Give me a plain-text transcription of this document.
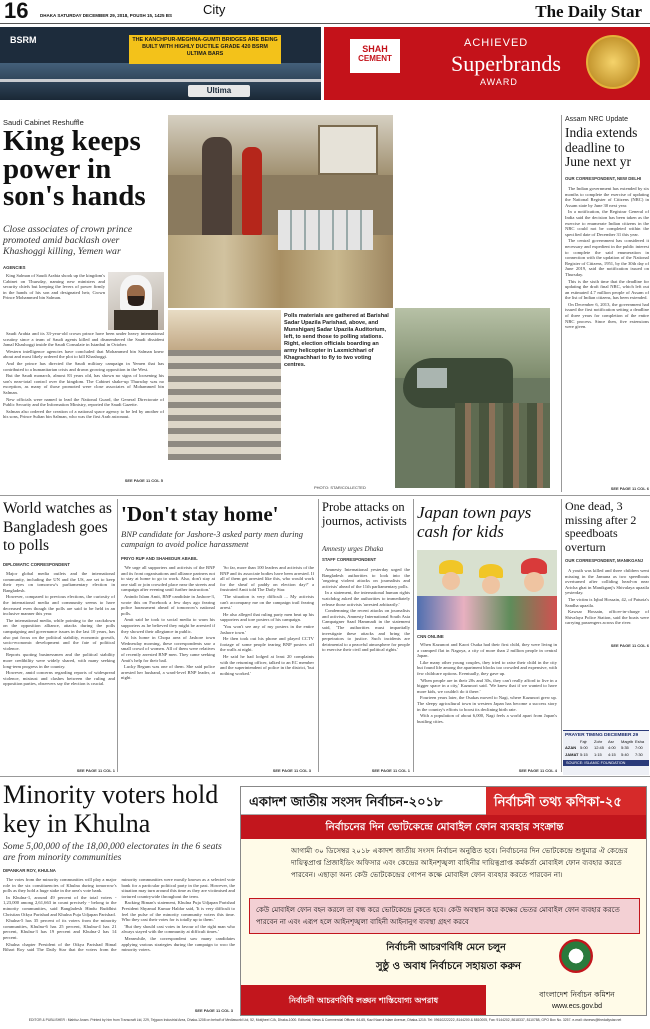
16	DHAKA SATURDAY DECEMBER 29, 2018, POUSH 15, 1425 BS City	The Daily Star
BSRM	THE KANCHPUR-MEGHNA-GUMTI BRIDGES ARE BEING BUILT WITH HIGHLY DUCTILE GRADE 420 BSRM ULTIMA BARS
Ultima
SHAH
CEMENT
ACHIEVED
Superbrands
AWARD
Saudi Cabinet Reshuffle
King keeps power in son's hands
Close associates of crown prince promoted amid backlash over Khashoggi killing, Yemen war
AGENCIES

King Salman of Saudi Arabia shook up the kingdom's Cabinet on Thursday, naming new ministers and security chiefs but keeping the levers of power firmly in the hands of his son and designated heir, Crown Prince Mohammed bin Salman.

Saudi Arabia and its 33-year-old crown prince have been under heavy international scrutiny since a team of Saudi agents killed and dismembered the Saudi dissident Jamal Khashoggi inside the Saudi Consulate in Istanbul in October.

Western intelligence agencies have concluded that Mohammed bin Salman knew about and most likely ordered the plot to kill Khashoggi.

And the prince has directed the Saudi military campaign in Yemen that has contributed to a humanitarian crisis and drawn growing opposition in the West.

But the Saudi monarch, almost 83 years old, has shown no signs of loosening his son's near-total control over the kingdom. The Cabinet shake-up Thursday was no exception, as many of those promoted were close associates of Mohammed bin Salman.

New officials were named to lead the National Guard, the General Directorate of Public Security and the Information Ministry, reported the Saudi Gazette.

Salman also ordered the creation of a national space agency to be led by another of his sons, Prince Sultan bin Salman, who was the first Arab astronaut.

SEE PAGE 11 COL 5
Polls materials are gathered at Barishal Sadar Upazila Parishad, above, and Munshiganj Sadar Upazila Auditorium, left, to send those to polling stations. Right, election officials boarding an army helicopter in Laxmichhari of Khagrachhari to fly to two voting centres.
PHOTO: STAR/COLLECTED
Assam NRC Update
India extends deadline to June next yr
OUR CORRESPONDENT, NEW DELHI

The Indian government has extended by six months to complete the exercise of updating the National Register of Citizens (NRC) in Assam state by June 30 next year.

In a notification, the Registrar General of India said the decision has been taken as the exercise to enumerate Indian citizens in the NRC could not be completed within the specified date of December 31 this year.

The central government has considered it necessary and expedient in the public interest to complete the said enumeration in connection with the updation of the National Register of Citizens, 1951, by the 30th day of June 2019, said the notification issued on Thursday.

This is the sixth time that the deadline for updating the draft final NRC, which left out an estimated 4.7 million people of Assam of the list of Indian citizens, has been extended.

On December 6, 2013, the government had issued the first notification setting a deadline of three years for completion of the entire NRC process. Since then, five extensions were given.

SEE PAGE 11 COL 6
World watches as Bangladesh goes to polls
DIPLOMATIC CORRESPONDENT

Major global media outlets and the international community, including the UN and the US, are set to keep their eyes on tomorrow's parliamentary election in Bangladesh.

However, compared to previous elections, the curiosity of the international media and community seems to have decreased even though the polls are said to be held in an inclusive manner this year.

The international media, while pointing to the crackdown on the opposition alliance, attacks during the polls campaigning and governance issues in the last 10 years, has also put focus on the political stability, economic growth, socio-economic development and the fate of political violence.

Reports quoting businessmen and the political stability more credibility were widely shared, with many seeking long-term progress in the country.

However, amid concerns regarding reports of widespread violence, mistrust and clashes between the ruling and opposition parties, observers say the election is crucial.

SEE PAGE 11 COL 1
'Don't stay home'
BNP candidate for Jashore-3 asked party men during campaign to avoid police harassment
PRIYO RUP AND SHAHEDUR ABABIL

'We urge all supporters and activists of the BNP and its front organisations and alliance partners not to stay at home to go to work. Also, don't stay at one stall or join crowded place near the streets and campaign after evening until further instruction.'

Anindo Islam Amit, BNP candidate in Jashore-3, wrote this on Facebook a few days ago fearing police harassment ahead of tomorrow's national polls.

Amit said he took to social media to warn his supporters as he believed they might be arrested if they showed their allegiance in public.

At his home in Chopa area of Jashore town Wednesday morning, these correspondents saw a small crowd of women. All of them were relatives of recently arrested BNP men. They came seeking Amit's help for their bail.

Lucky Begum was one of them. She said police arrested her husband, a ward-level BNP leader, at night.

'So far, more than 100 leaders and activists of the BNP and its associate bodies have been arrested. If all of them get arrested like this, who would work for the sheaf of paddy on election day?' a frustrated Amit told The Daily Star.

'The situation is very difficult ... My activists can't accompany me on the campaign trail fearing arrest.'

He also alleged that ruling party men beat up his supporters and tore posters of his campaign.

'You won't see any of my posters in the entire Jashore town.'

He then took out his phone and played CCTV footage of some people tearing BNP posters off the walls at night.

He said he had lodged at least 20 complaints with the returning officer, talked to an EC member and the superintendent of police in the district, 'but nothing worked.'

SEE PAGE 11 COL 3
Probe attacks on journos, activists
Amnesty urges Dhaka
STAFF CORRESPONDENT

Amnesty International yesterday urged the Bangladesh authorities to look into the 'ongoing violent attacks on journalists and activists' ahead of the 11th parliamentary polls.

In a statement, the international human rights watchdog asked the authorities to immediately release those activists 'arrested arbitrarily.'

Condemning the recent attacks on journalists and activists, Amnesty International South Asia Campaigner Saad Hammadi in the statement said, 'The authorities must impartially investigate these attacks and bring the perpetrators to justice. Such incidents are detrimental to a peaceful atmosphere for people to exercise their civil and political rights.'

SEE PAGE 11 COL 1
Japan town pays cash for kids
CNN ONLINE

When Kazunori and Kaori Osaka had their first child, they were living in a cramped flat in Nagoya, a city of more than 2 million people in central Japan.

Like many other young couples, they tried to raise their child in the city but found life among the apartment blocks too crowded and expensive, with few childcare options. Eventually, they gave up.

'When people are in their 20s and 30s, they can't really afford to live in a bigger space in a city,' Kazunori said. 'We knew that if we wanted to have more kids, we couldn't do it there.'

Fourteen years later, the Osakas moved to Nagi, where Kazunori grew up. The sleepy agricultural town in western Japan has become a success story in the country's efforts to boost its declining birth rate.

With a population of about 6,000, Nagi feels a world apart from Japan's bustling cities.

SEE PAGE 11 COL 4
One dead, 3 missing after 2 speedboats overturn
OUR CORRESPONDENT, MANIKGANJ

A youth was killed and three children went missing in the Jamuna as two speedboats overturned after colliding head-on near Aricha ghat in Manikganj's Shivalaya upazila yesterday.

The victim is Iqbal Hossain, 42, of Paturia's Sandha upazila.

Kawsar Hossain, officer-in-charge of Shivalaya Police Station, said the boats were carrying passengers across the river.

SEE PAGE 11 COL 6
PRAYER TIMING DECEMBER 29
Fajr	Zohr	Asr	Magrib Esha
AZAN 5:00	12:45 4:00	5:35	7:00
JAMAT 5:15	1:15	4:15	5:40	7:30
SOURCE: ISLAMIC FOUNDATION
Minority voters hold key in Khulna
Some 5,00,000 of the 18,00,000 electorates in the 6 seats are from minority communities
DIPANKAR ROY, KHULNA

The votes from the minority communities will play a major role in the six constituencies of Khulna during tomorrow's polls as they hold a huge stake in the area's vote bank.

In Khulna-1, around 49 percent of the total voters - 1,23,000 among 2,61,663 in count precisely - belong to the minority communities, said Bangladesh Hindu Buddhist Christian Oikya Parishad and Khulna Puja Udjapan Parishad.

Khulna-5 has 35 percent of its voters from the minority communities, Khulna-6 has 25 percent, Khulna-4 has 21 percent, Khulna-3 has 19 percent and Khulna-2 has 14 percent.

Khulna chapter President of the Oikya Parishad Bimal Bihari Roy said The Daily Star that the voters from the minority communities were mostly known as a selected vote bank for a particular political party in the past. However, the situation may turn around this time as they are victimised and tortured countrywide throughout the term.

Backing Biman's statement, Khulna Puja Udjapan Parishad President Shyamal Kumar Haldar said, 'It is very difficult to feel the pulse of the minority community voters this time. Who they cast their votes for is totally up to them.'

'But they should cast votes in favour of the right man who always stayed with the community at difficult times.'

Meanwhile, the correspondent saw many candidates applying various strategies during the campaign to woo the minority voters.

SEE PAGE 11 COL 3
একাদশ জাতীয় সংসদ নির্বাচন-২০১৮	নির্বাচনী তথ্য কণিকা-২৫
নির্বাচনের দিন ভোটকেন্দ্রে মোবাইল ফোন ব্যবহার সংক্রান্ত
আগামী ৩০ ডিসেম্বর ২০১৮ একাদশ জাতীয় সংসদ নির্বাচন অনুষ্ঠিত হবে। নির্বাচনের দিন ভোটকেন্দ্রে শুধুমাত্র ঐ কেন্দ্রের দায়িত্বপ্রাপ্ত প্রিজাইডিং অফিসার এবং কেন্দ্রের আইনশৃঙ্খলা বাহিনীর দায়িত্বপ্রাপ্ত কর্মকর্তা মোবাইল ফোন ব্যবহার করতে পারবেন। এছাড়া অন্য কেউ ভোটকেন্দ্রের গোপন কক্ষে মোবাইল ফোন ব্যবহার করতে পারবেন না।
কেউ মোবাইল ফোন বহন করলে তা বন্ধ করে ভোটকেন্দ্রে ঢুকতে হবে। কেউ অবস্থান করে কক্ষের ভেতর মোবাইল ফোন ব্যবহার করতে পারবেন না এবং এরূপ হলে আইনশৃঙ্খলা বাহিনী আইনানুগ ব্যবস্থা গ্রহণ করবে
নির্বাচনী আচরণবিধি মেনে চলুন
সুষ্ঠু ও অবাধ নির্বাচনে সহায়তা করুন
নির্বাচনী আচরণবিধি লঙ্ঘন শাস্তিযোগ্য অপরাধ
বাংলাদেশ নির্বাচন কমিশন
www.ecs.gov.bd
EDITOR & PUBLISHER : Mahfuz Anam. Printed by him from Transcraft Ltd, 229, Tejgaon Industrial Area, Dhaka-1208 on behalf of Mediaworld Ltd, 52, Motijheel C/A, Dhaka-1000. Editorial, News & Commercial Offices: 64-65, Kazi Nazrul Islam Avenue, Dhaka-1215. Tel: 09610222222, 8144200 & 8810005, Fax: 9144202, 8618337, 8110788, GPO Box No. 3257. e-mail: dsnews@thedailystar.net
